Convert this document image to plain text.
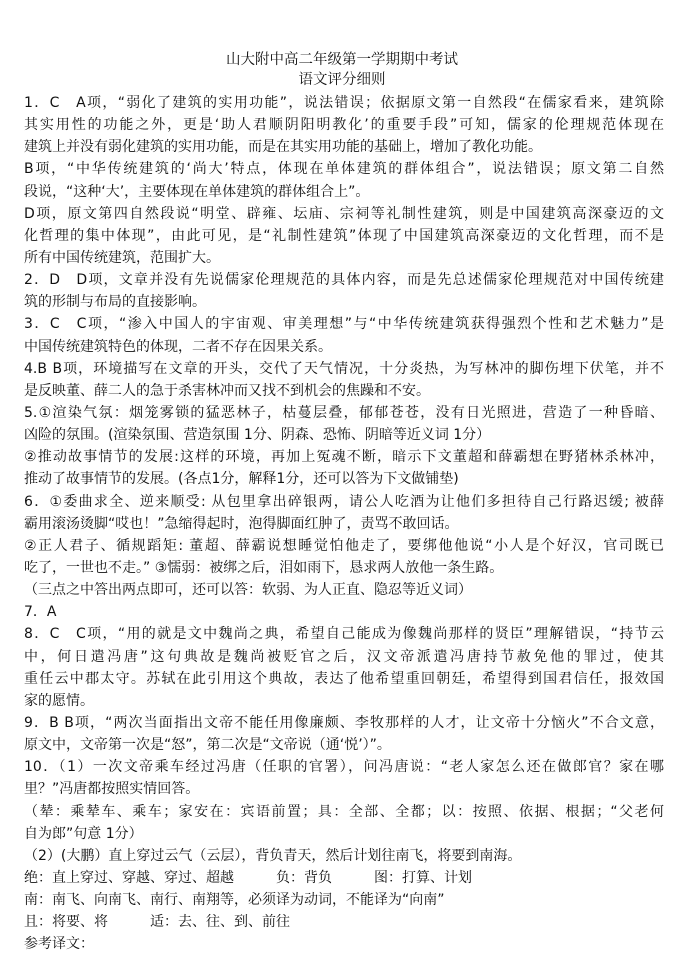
山大附中高二年级第一学期期中考试
语文评分细则
1．C　A项，“弱化了建筑的实用功能”，说法错误；依据原文第一自然段“在儒家看来，建筑除
其实用性的功能之外，更是‘助人君顺阴阳明教化’的重要手段”可知，儒家的伦理规范体现在
建筑上并没有弱化建筑的实用功能，而是在其实用功能的基础上，增加了教化功能。
B项，“中华传统建筑的‘尚大’特点，体现在单体建筑的群体组合”，说法错误；原文第二自然
段说，“这种‘大’，主要体现在单体建筑的群体组合上”。
D项，原文第四自然段说“明堂、辟雍、坛庙、宗祠等礼制性建筑，则是中国建筑高深豪迈的文
化哲理的集中体现”，由此可见，是“礼制性建筑”体现了中国建筑高深豪迈的文化哲理，而不是
所有中国传统建筑，范围扩大。
2．D　D项，文章并没有先说儒家伦理规范的具体内容，而是先总述儒家伦理规范对中国传统建
筑的形制与布局的直接影响。
3．C　C项，“渗入中国人的宇宙观、审美理想”与“中华传统建筑获得强烈个性和艺术魅力”是
中国传统建筑特色的体现，二者不存在因果关系。
4.B B项，环境描写在文章的开头，交代了天气情况，十分炎热，为写林冲的脚伤埋下伏笔，并不
是反映董、薛二人的急于杀害林冲而又找不到机会的焦躁和不安。
5.①渲染气氛：烟笼雾锁的猛恶林子，枯蔓层叠，郁郁苍苍，没有日光照进，营造了一种昏暗、
凶险的氛围。(渲染氛围、营造氛围 1分、阴森、恐怖、阴暗等近义词 1分）
②推动故事情节的发展:这样的环境，再加上冤魂不断，暗示下文董超和薛霸想在野猪林杀林冲，
推动了故事情节的发展。(各点1分，解释1分，还可以答为下文做铺垫)
6．①委曲求全、逆来顺受: 从包里拿出碎银两，请公人吃酒为让他们多担待自己行路迟缓; 被薛
霸用滚汤烫脚“哎也！”急缩得起时，泡得脚面红肿了，责骂不敢回话。
②正人君子、循规蹈矩: 董超、薛霸说想睡觉怕他走了，要绑他他说“小人是个好汉，官司既已
吃了，一世也不走。” ③懦弱：被绑之后，泪如雨下，恳求两人放他一条生路。
（三点之中答出两点即可，还可以答：软弱、为人正直、隐忍等近义词）
7．A
8．C　C项，“用的就是文中魏尚之典，希望自己能成为像魏尚那样的贤臣”理解错误，“持节云
中，何日遣冯唐”这句典故是魏尚被贬官之后，汉文帝派遣冯唐持节赦免他的罪过，使其
重任云中郡太守。苏轼在此引用这个典故，表达了他希望重回朝廷，希望得到国君信任，报效国
家的愿情。
9．B B项，“两次当面指出文帝不能任用像廉颇、李牧那样的人才，让文帝十分恼火”不合文意，
原文中，文帝第一次是“怒”，第二次是“文帝说（通‘悦’）”。
10．（1）一次文帝乘车经过冯唐（任职的官署），问冯唐说：“老人家怎么还在做郎官？家在哪
里？”冯唐都按照实情回答。
（辇：乘辇车、乘车；家安在：宾语前置；具：全部、全都；以：按照、依据、根据；“父老何
自为郎”句意 1分）
（2）(大鹏）直上穿过云气（云层），背负青天，然后计划往南飞，将要到南海。
绝：直上穿过、穿越、穿过、超越　　　负：背负　　　图：打算、计划
南：南飞、向南飞、南行、南翔等，必须译为动词，不能译为“向南”
且：将要、将　　　适：去、往、到、前往
参考译文：
